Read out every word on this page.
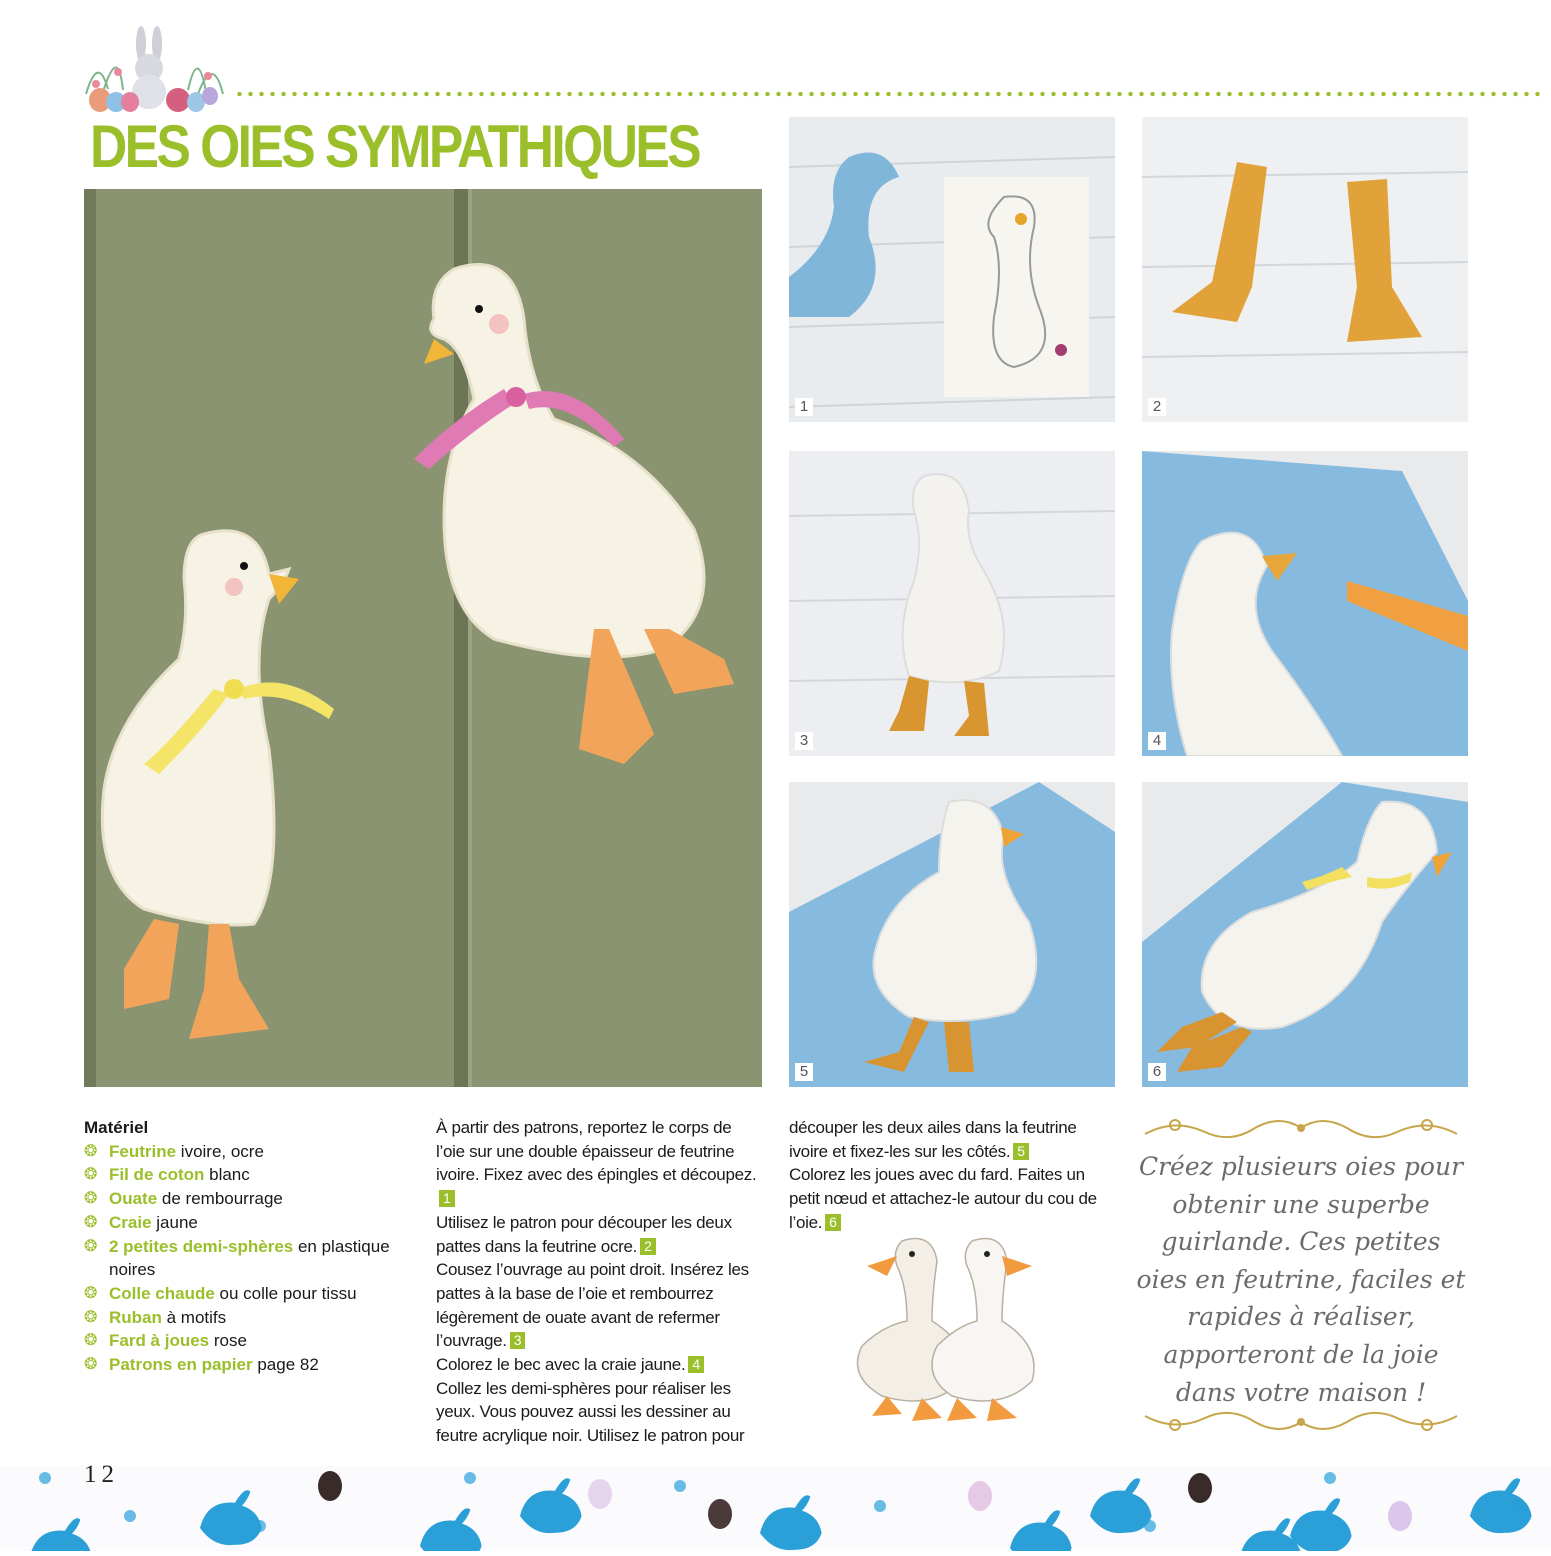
DES OIES SYMPATHIQUES
1	2
3	4
5	6

Matériel

❂ Feutrine ivoire, ocre
❂ Fil de coton blanc
❂ Ouate de rembourrage
❂ Craie jaune
❂ 2 petites demi-sphères en plastique noires
❂ Colle chaude ou colle pour tissu
❂ Ruban à motifs
❂ Fard à joues rose
❂ Patrons en papier page 82

À partir des patrons, reportez le corps de l’oie sur une double épaisseur de feutrine ivoire. Fixez avec des épingles et découpez.1

Utilisez le patron pour découper les deux pattes dans la feutrine ocre. 2

Cousez l’ouvrage au point droit. Insérez les pattes à la base de l’oie et rembourrez légèrement de ouate avant de refermer l’ouvrage. 3

Colorez le bec avec la craie jaune. 4

Collez les demi-sphères pour réaliser les yeux. Vous pouvez aussi les dessiner au feutre acrylique noir. Utilisez le patron pour

découper les deux ailes dans la feutrine ivoire et fixez-les sur les côtés. 5

Colorez les joues avec du fard. Faites un petit nœud et attachez-le autour du cou de l’oie. 6

Créez plusieurs oies pour obtenir une superbe guirlande. Ces petites oies en feutrine, faciles et rapides à réaliser, apporteront de la joie dans votre maison !
12
